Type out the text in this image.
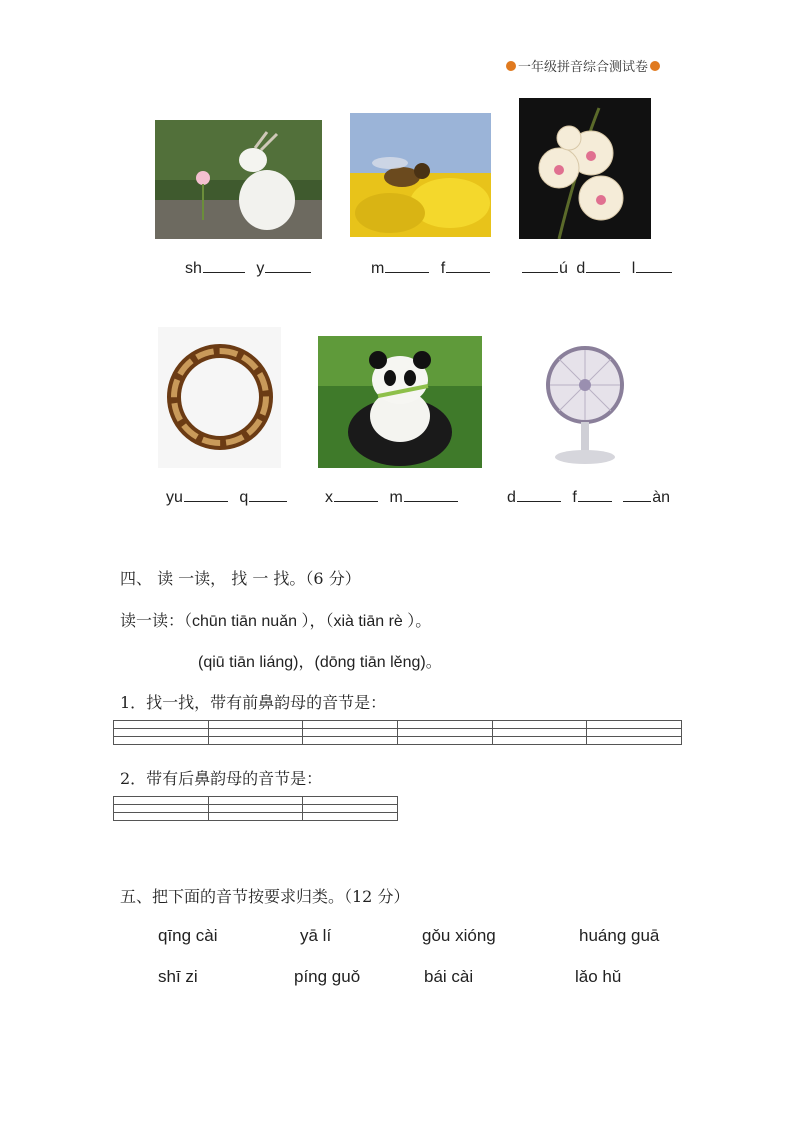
一年级拼音综合测试卷
sh	y	m	f	ú d	l
yu	q	x	m	d	f	àn
四、 读 一读， 找 一 找。（6 分）
读一读：（chūn tiān nuǎn ），（xià tiān rè ）。
(qiū tiān liáng)，(dōng tiān lěng)。
1．找一找，带有前鼻韵母的音节是：

2．带有后鼻韵母的音节是：

五、把下面的音节按要求归类。（12 分）
qīng cài	yā lí	gǒu xióng	huáng guā
shī zi	píng guǒ	bái cài	lǎo hǔ
